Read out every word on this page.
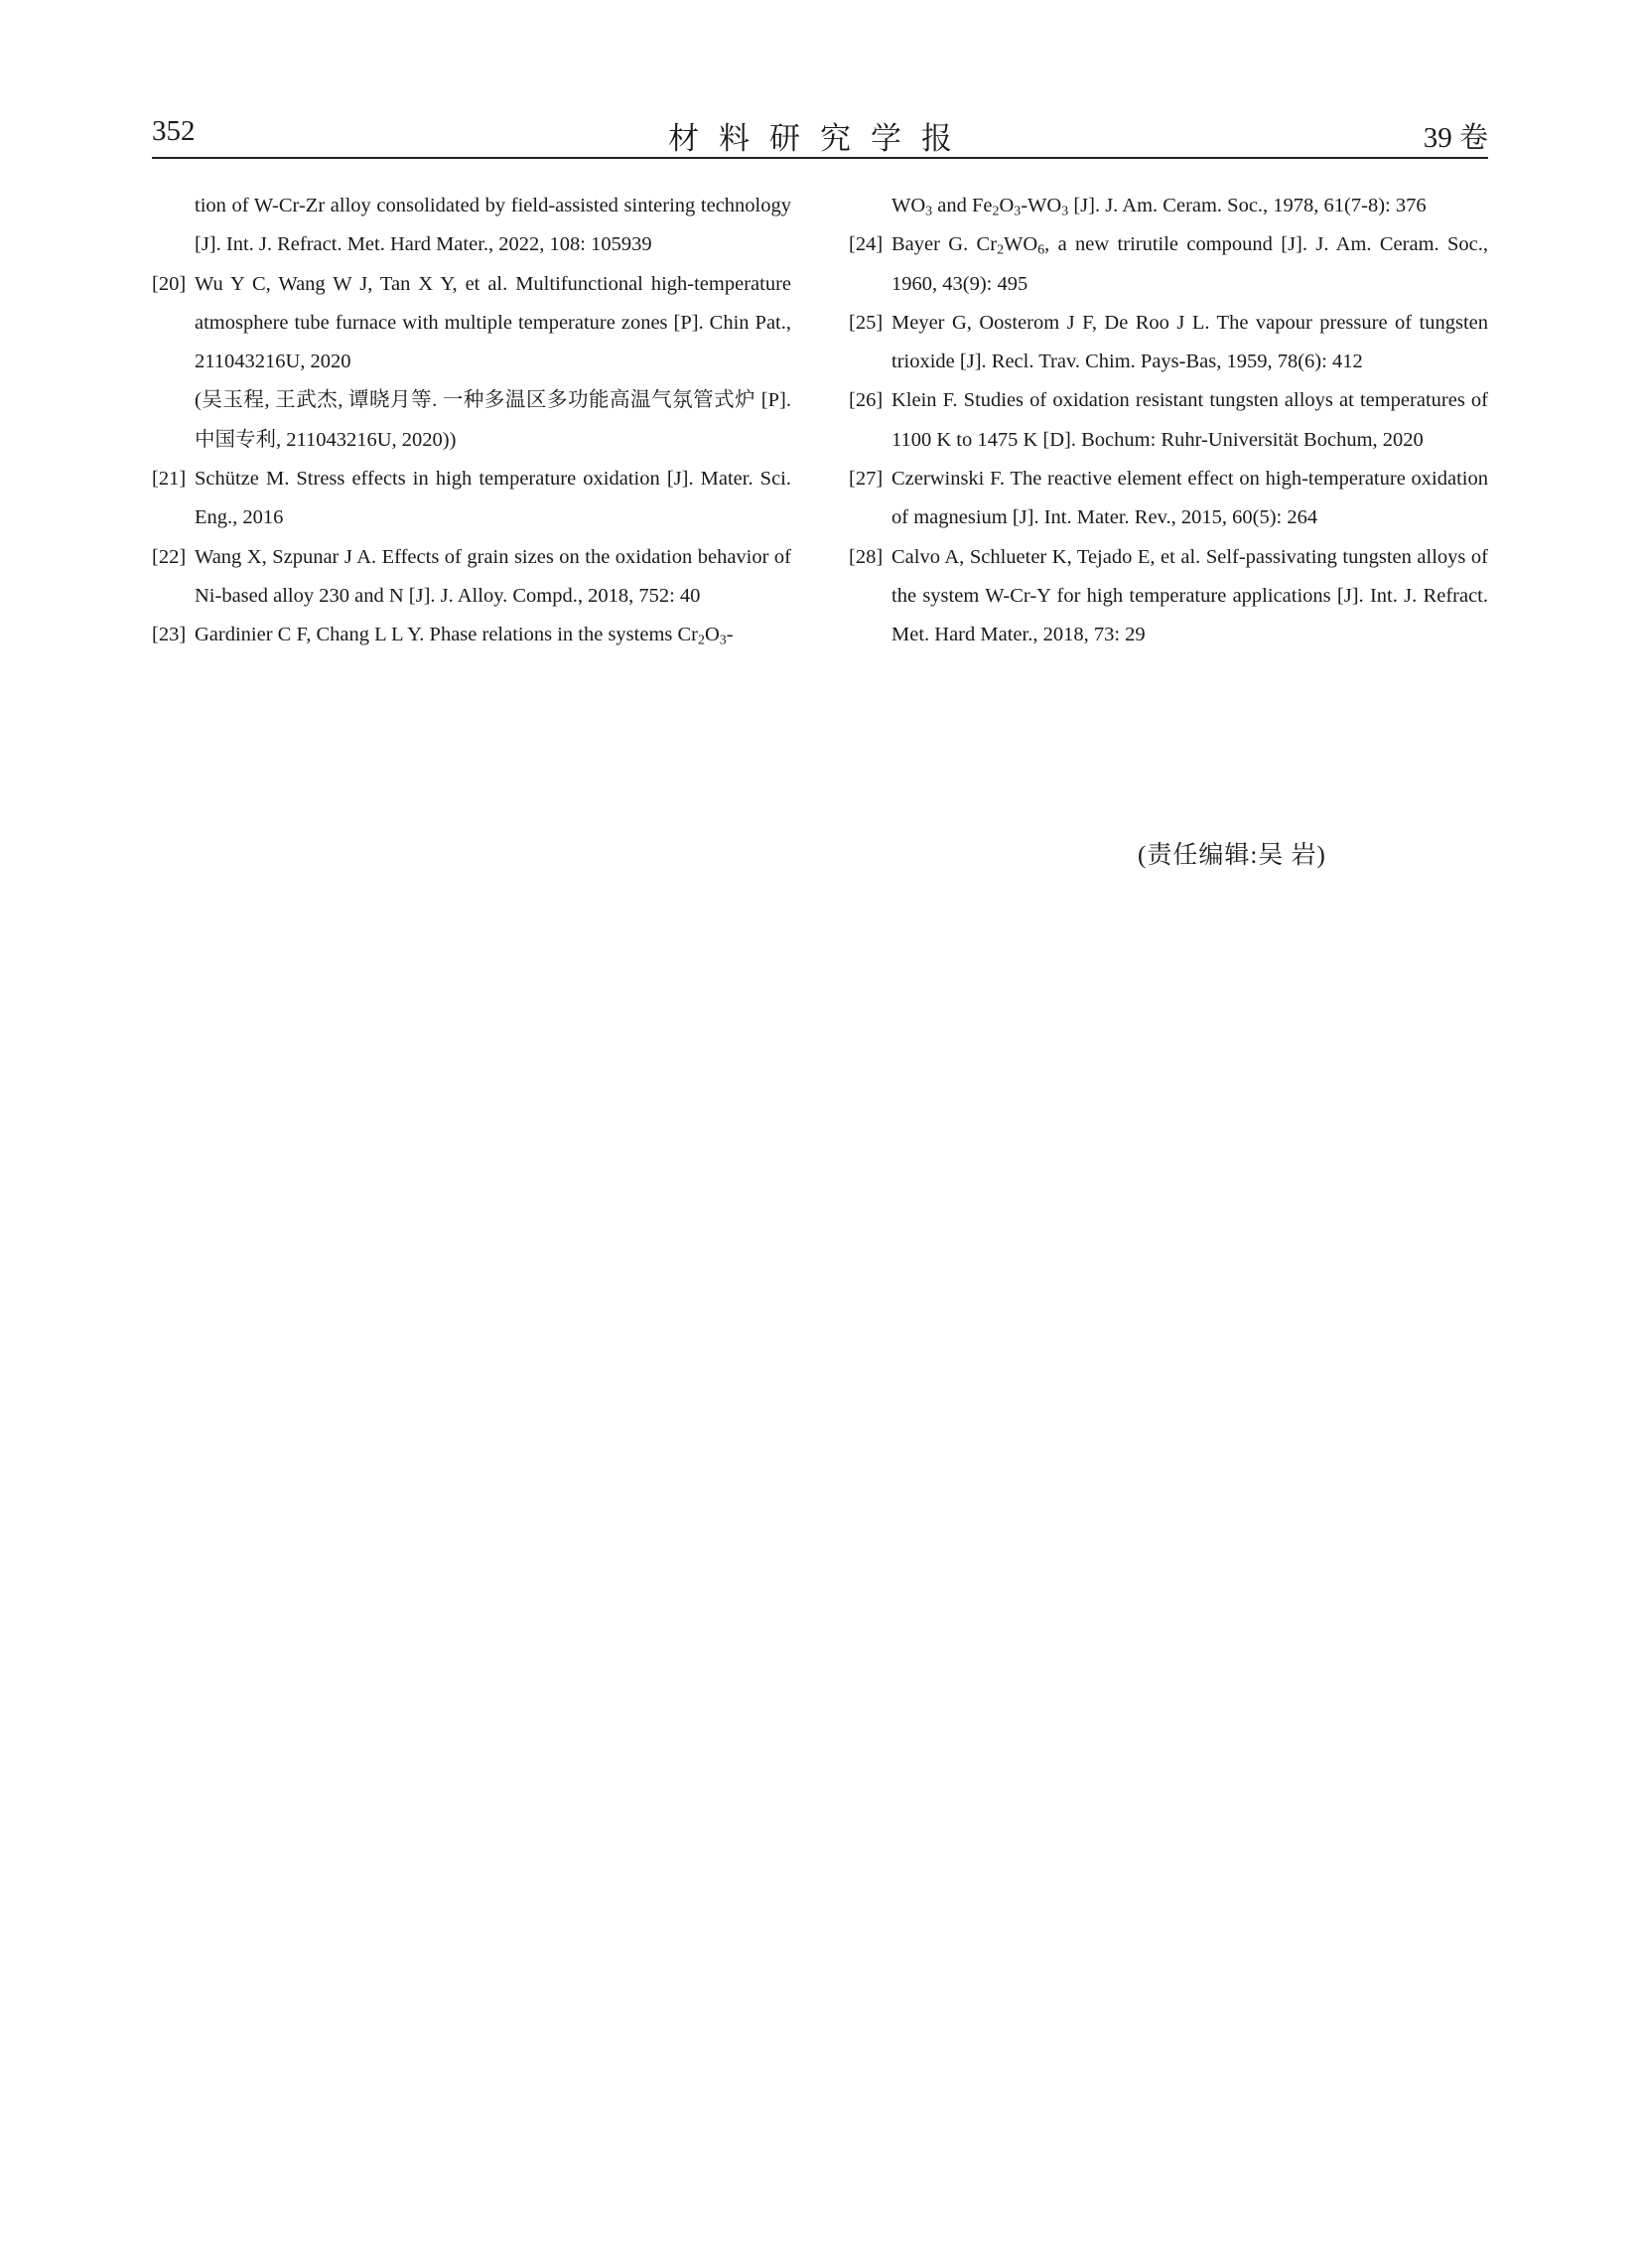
352	材料研究学报	39 卷
tion of W-Cr-Zr alloy consolidated by field-assisted sintering technology [J]. Int. J. Refract. Met. Hard Mater., 2022, 108: 105939
[20] Wu Y C, Wang W J, Tan X Y, et al. Multifunctional high-temperature atmosphere tube furnace with multiple temperature zones [P]. Chin Pat., 211043216U, 2020
(吴玉程, 王武杰, 谭晓月等. 一种多温区多功能高温气氛管式炉 [P]. 中国专利, 211043216U, 2020))
[21] Schütze M. Stress effects in high temperature oxidation [J]. Mater. Sci. Eng., 2016
[22] Wang X, Szpunar J A. Effects of grain sizes on the oxidation behavior of Ni-based alloy 230 and N [J]. J. Alloy. Compd., 2018, 752: 40
[23] Gardinier C F, Chang L L Y. Phase relations in the systems $Cr_2O_3-$
$WO_3$ and $Fe_2O_3-WO_3$ [J]. J. Am. Ceram. Soc., 1978, 61(7-8): 376
[24] Bayer G. $Cr_2WO_6$, a new trirutile compound [J]. J. Am. Ceram. Soc., 1960, 43(9): 495
[25] Meyer G, Oosterom J F, De Roo J L. The vapour pressure of tungsten trioxide [J]. Recl. Trav. Chim. Pays-Bas, 1959, 78(6): 412
[26] Klein F. Studies of oxidation resistant tungsten alloys at temperatures of 1100 K to 1475 K [D]. Bochum: Ruhr-Universität Bochum, 2020
[27] Czerwinski F. The reactive element effect on high-temperature oxidation of magnesium [J]. Int. Mater. Rev., 2015, 60(5): 264
[28] Calvo A, Schlueter K, Tejado E, et al. Self-passivating tungsten alloys of the system W-Cr-Y for high temperature applications [J]. Int. J. Refract. Met. Hard Mater., 2018, 73: 29
(责任编辑:吴 岩)
